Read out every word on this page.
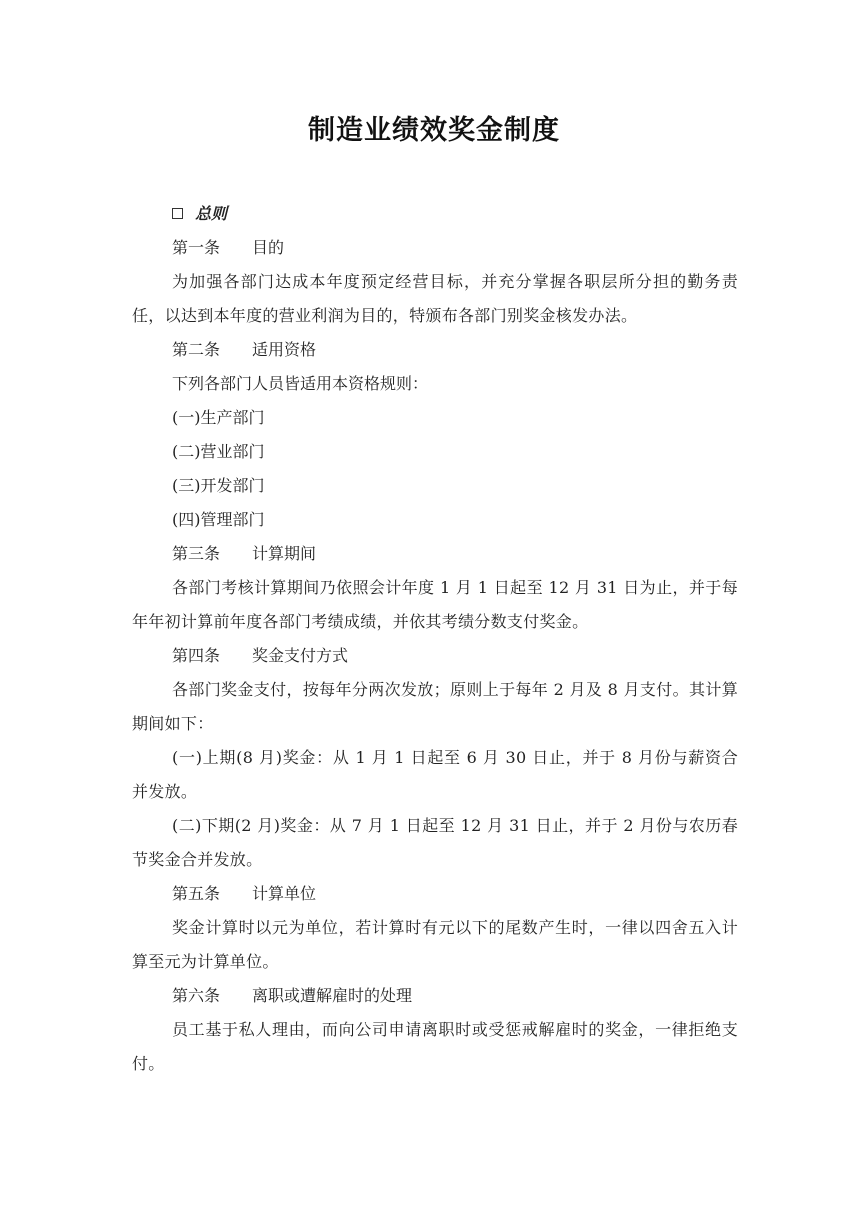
制造业绩效奖金制度
总则
第一条 目的

为加强各部门达成本年度预定经营目标，并充分掌握各职层所分担的勤务责任，以达到本年度的营业利润为目的，特颁布各部门别奖金核发办法。

第二条 适用资格
下列各部门人员皆适用本资格规则：
(一)生产部门
(二)营业部门
(三)开发部门
(四)管理部门
第三条 计算期间

各部门考核计算期间乃依照会计年度 1 月 1 日起至 12 月 31 日为止，并于每年年初计算前年度各部门考绩成绩，并依其考绩分数支付奖金。

第四条 奖金支付方式

各部门奖金支付，按每年分两次发放；原则上于每年 2 月及 8 月支付。其计算期间如下：

(一)上期(8 月)奖金：从 1 月 1 日起至 6 月 30 日止，并于 8 月份与薪资合并发放。

(二)下期(2 月)奖金：从 7 月 1 日起至 12 月 31 日止，并于 2 月份与农历春节奖金合并发放。

第五条 计算单位

奖金计算时以元为单位，若计算时有元以下的尾数产生时，一律以四舍五入计算至元为计算单位。

第六条 离职或遭解雇时的处理

员工基于私人理由，而向公司申请离职时或受惩戒解雇时的奖金，一律拒绝支付。
